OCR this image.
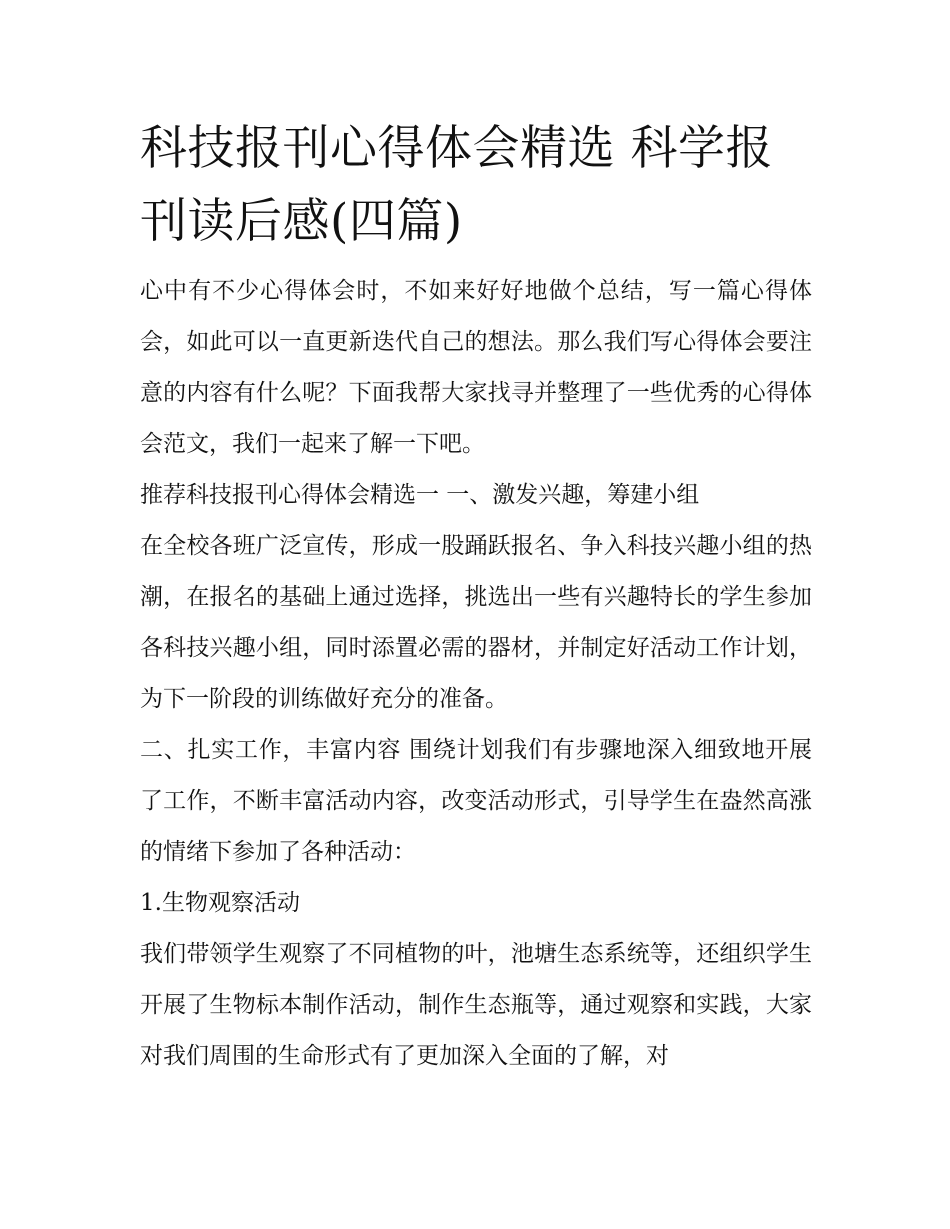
科技报刊心得体会精选 科学报刊读后感(四篇)

心中有不少心得体会时，不如来好好地做个总结，写一篇心得体会，如此可以一直更新迭代自己的想法。那么我们写心得体会要注意的内容有什么呢？下面我帮大家找寻并整理了一些优秀的心得体会范文，我们一起来了解一下吧。

推荐科技报刊心得体会精选一 一、激发兴趣，筹建小组

在全校各班广泛宣传，形成一股踊跃报名、争入科技兴趣小组的热潮，在报名的基础上通过选择，挑选出一些有兴趣特长的学生参加各科技兴趣小组，同时添置必需的器材，并制定好活动工作计划，为下一阶段的训练做好充分的准备。

二、扎实工作，丰富内容 围绕计划我们有步骤地深入细致地开展了工作，不断丰富活动内容，改变活动形式，引导学生在盎然高涨的情绪下参加了各种活动：

1.生物观察活动

我们带领学生观察了不同植物的叶，池塘生态系统等，还组织学生开展了生物标本制作活动，制作生态瓶等，通过观察和实践，大家对我们周围的生命形式有了更加深入全面的了解，对
